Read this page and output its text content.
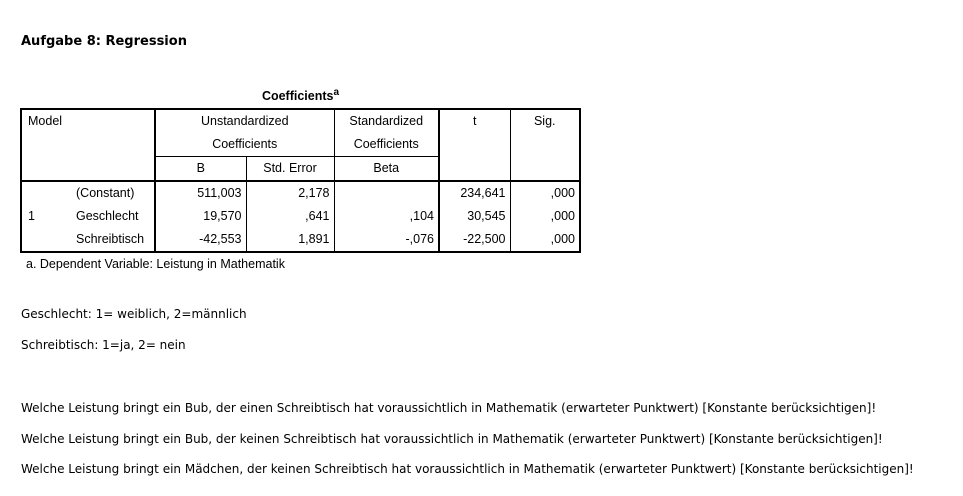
Aufgabe 8: Regression
Coefficients$^a$
Model	Unstandardized		Standardized	t	Sig.
	Coefficients		Coefficients		
	B	Std. Error	Beta		
(Constant)	511,003	2,178		234,641	,000

1 Geschlecht	19,570	,641	,104	30,545	,000
Schreibtisch	-42,553	1,891	-,076	-22,500	,000
a. Dependent Variable: Leistung in Mathematik
Geschlecht: 1= weiblich, 2=männlich
Schreibtisch: 1=ja, 2= nein
Welche Leistung bringt ein Bub, der einen Schreibtisch hat voraussichtlich in Mathematik (erwarteter Punktwert) [Konstante berücksichtigen]!
Welche Leistung bringt ein Bub, der keinen Schreibtisch hat voraussichtlich in Mathematik (erwarteter Punktwert) [Konstante berücksichtigen]!
Welche Leistung bringt ein Mädchen, der keinen Schreibtisch hat voraussichtlich in Mathematik (erwarteter Punktwert) [Konstante berücksichtigen]!
